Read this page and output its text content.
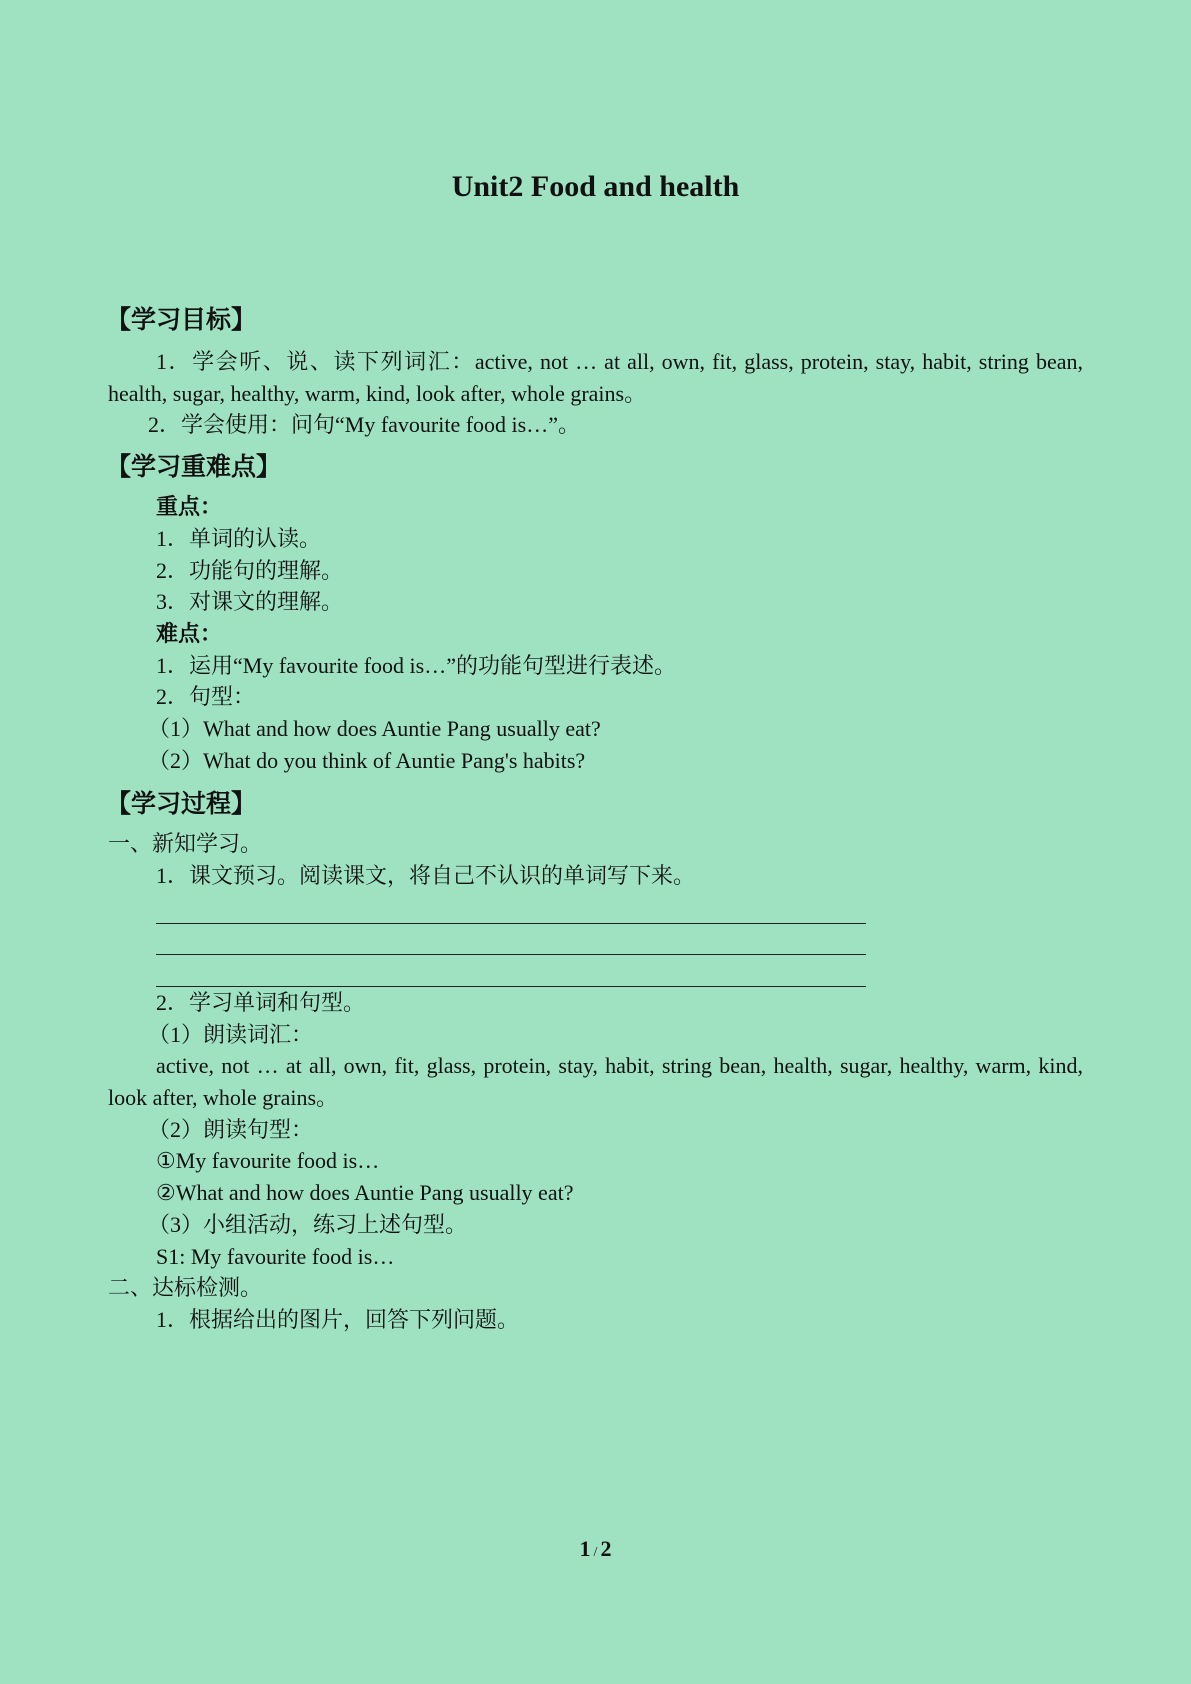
Unit2 Food and health
【学习目标】
1．学会听、说、读下列词汇：active, not … at all, own, fit, glass, protein, stay, habit, string bean, health, sugar, healthy, warm, kind, look after, whole grains。
2．学会使用：问句“My favourite food is…”。
【学习重难点】
重点：
1．单词的认读。
2．功能句的理解。
3．对课文的理解。
难点：
1．运用“My favourite food is…”的功能句型进行表述。
2．句型：
（1）What and how does Auntie Pang usually eat?
（2）What do you think of Auntie Pang's habits?
【学习过程】
一、新知学习。
1．课文预习。阅读课文，将自己不认识的单词写下来。
2．学习单词和句型。
（1）朗读词汇：
active, not … at all, own, fit, glass, protein, stay, habit, string bean, health, sugar, healthy, warm, kind, look after, whole grains。
（2）朗读句型：
①My favourite food is…
②What and how does Auntie Pang usually eat?
（3）小组活动，练习上述句型。
S1: My favourite food is…
二、达标检测。
1．根据给出的图片，回答下列问题。
1 / 2
